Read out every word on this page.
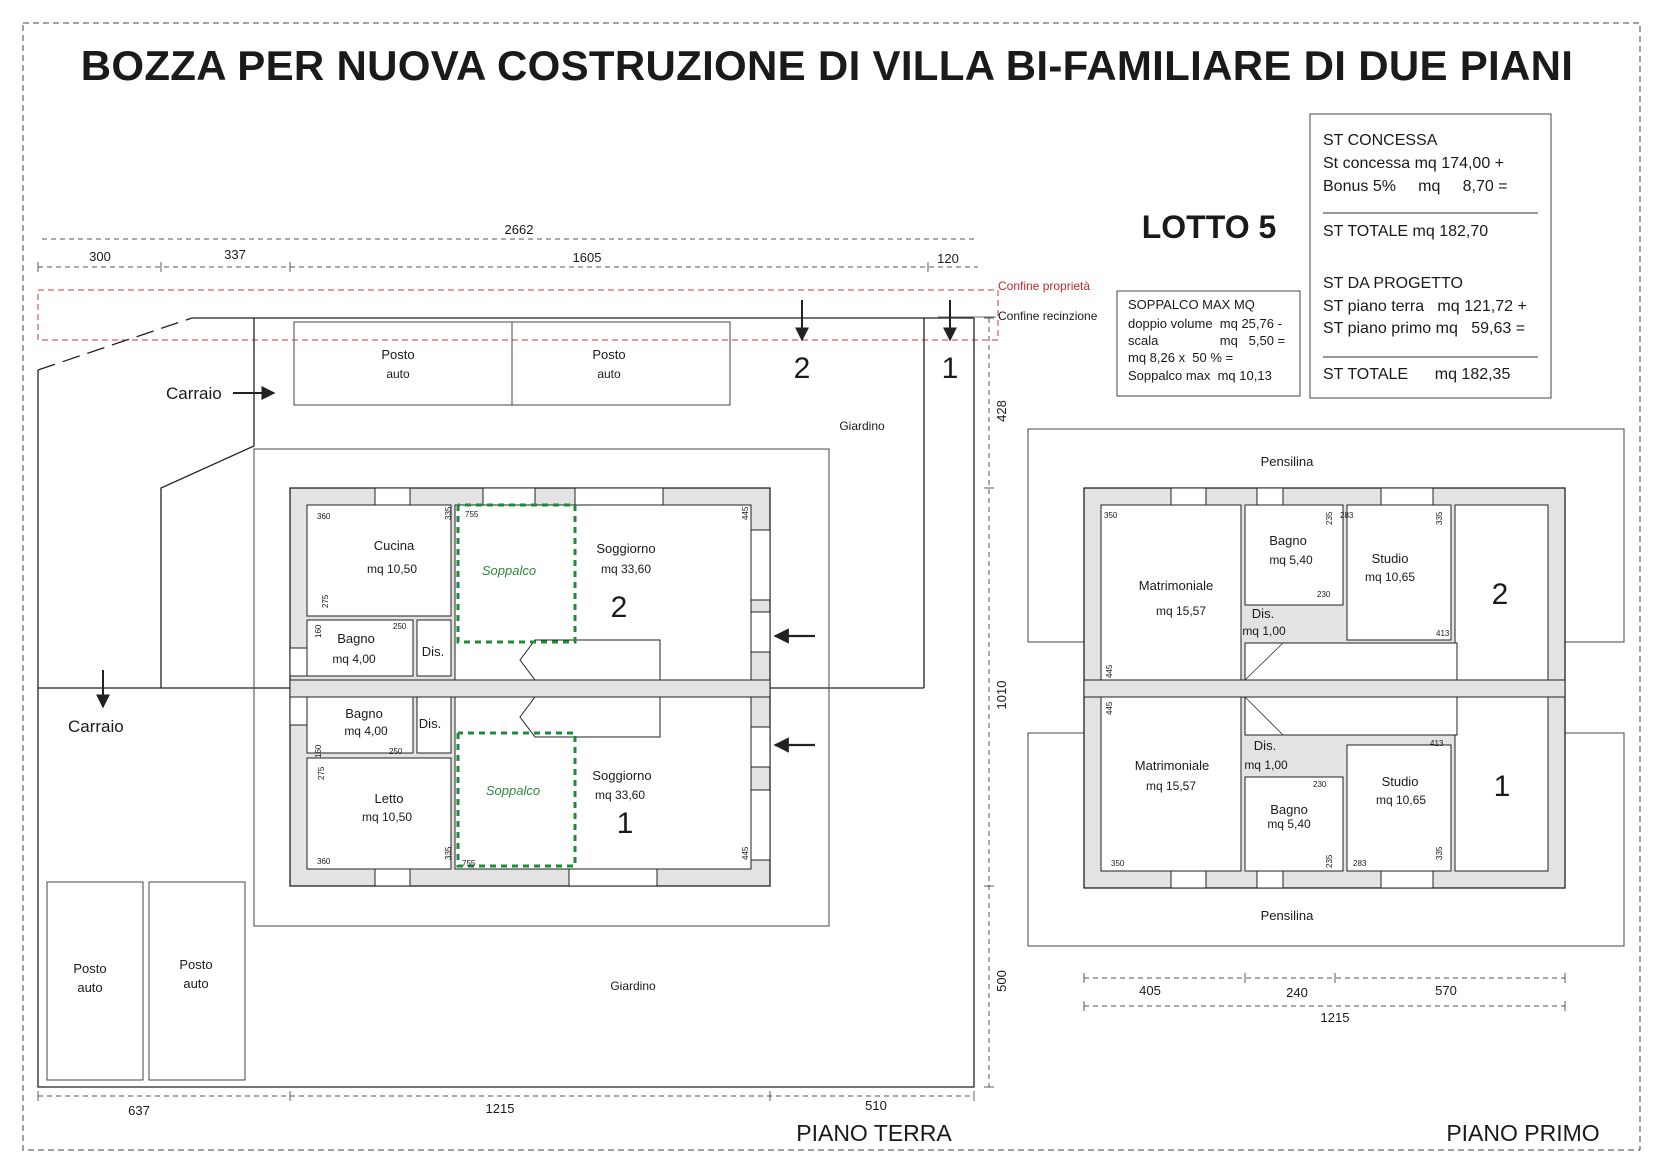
BOZZA PER NUOVA COSTRUZIONE DI VILLA BI-FAMILIARE DI DUE PIANI
LOTTO 5
ST CONCESSA
St concessa mq 174,00 +
Bonus 5%     mq     8,70 =
ST TOTALE mq 182,70
ST DA PROGETTO
ST piano terra   mq 121,72 +
ST piano primo mq   59,63 =
ST TOTALE      mq 182,35
SOPPALCO MAX MQ
doppio volume  mq 25,76 -
scala                 mq   5,50 =
mq 8,26 x  50 % =
Soppalco max  mq 10,13
2662
300	337	1605	120
Confine proprietà
Confine recinzione
Posto
auto
Posto
auto
Posto
auto
Posto
auto
Carraio
Carraio
2	1
Giardino
Giardino
428
1010
500
637	1215	510
PIANO TERRA
Cucina
mq 10,50	Soppalco
Soggiorno
mq 33,60
2
Bagno
mq 4,00	Dis.
Bagno
mq 4,00 Dis.
Letto
mq 10,50
Soppalco
Soggiorno
mq 33,60
1
360
360
755
755
335
335
445
445
275
275
160
160
250
250
Pensilina
Pensilina
Matrimoniale
mq 15,57
Bagno
mq 5,40	Studio
mq 10,65
2
Dis.
mq 1,00
Matrimoniale
mq 15,57
Dis.
mq 1,00
Bagno
mq 5,40
Studio
mq 10,65 1
350
350
283
283
230
230
413
413
235
235
335
335
445
445
405	240	570
1215
PIANO PRIMO
